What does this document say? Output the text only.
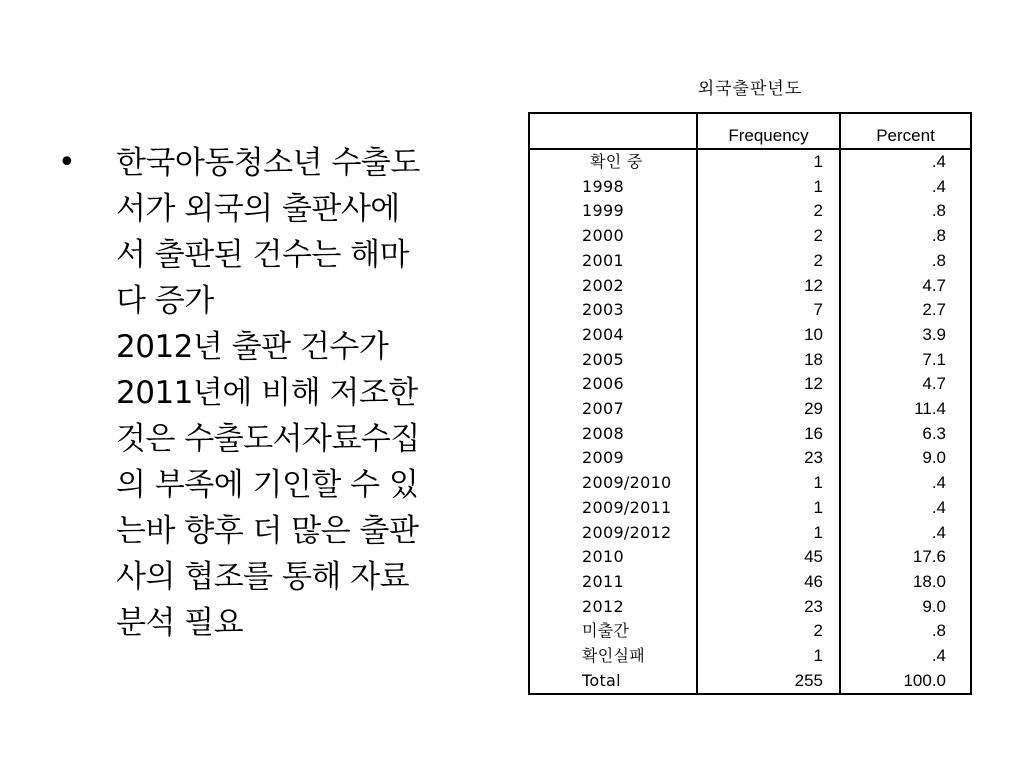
• 한국아동청소년 수출도
서가 외국의 출판사에
서 출판된 건수는 해마
다 증가
2012년 출판 건수가
2011년에 비해 저조한
것은 수출도서자료수집
의 부족에 기인할 수 있
는바 향후 더 많은 출판
사의 협조를 통해 자료
분석 필요
외국출판년도
	Frequency	Percent
확인 중	1	.4
1998	1	.4
1999	2	.8
2000	2	.8
2001	2	.8
2002	12	4.7
2003	7	2.7
2004	10	3.9
2005	18	7.1
2006	12	4.7
2007	29	11.4
2008	16	6.3
2009	23	9.0
2009/2010	1	.4
2009/2011	1	.4
2009/2012	1	.4
2010	45	17.6
2011	46	18.0
2012	23	9.0
미출간	2	.8
확인실패	1	.4
Total	255	100.0
